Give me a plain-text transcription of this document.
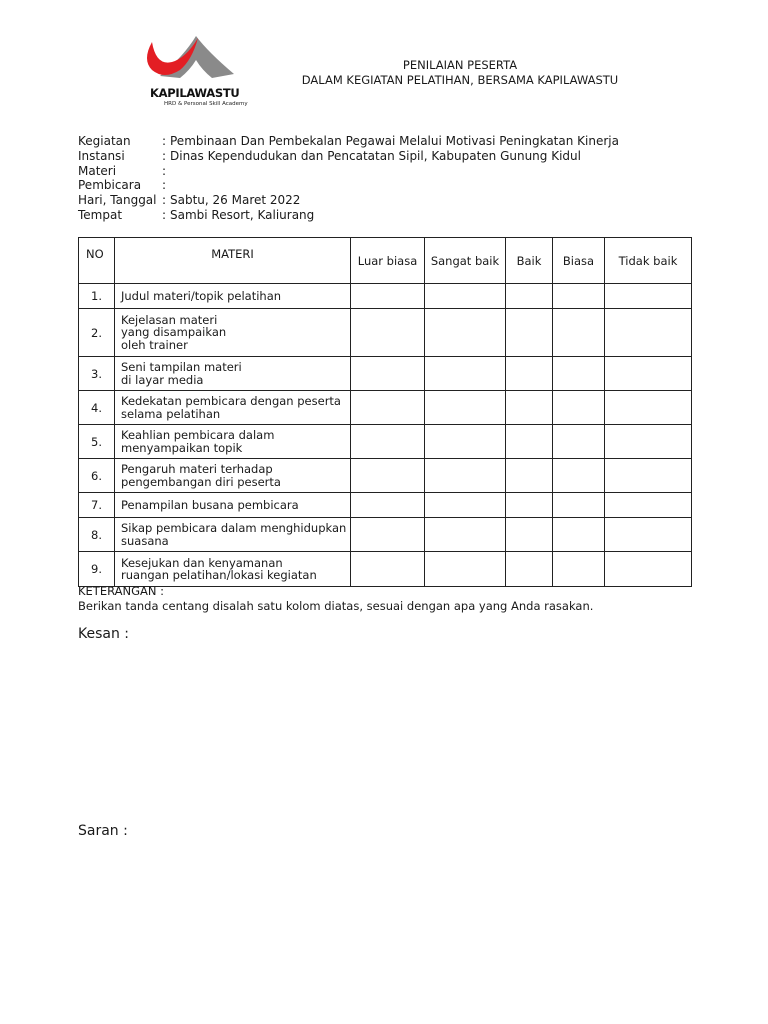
KAPILAWASTU
HRD & Personal Skill Academy
PENILAIAN PESERTA
DALAM KEGIATAN PELATIHAN, BERSAMA KAPILAWASTU
Kegiatan	: Pembinaan Dan Pembekalan Pegawai Melalui Motivasi Peningkatan Kinerja
Instansi	: Dinas Kependudukan dan Pencatatan Sipil, Kabupaten Gunung Kidul
Materi	:
Pembicara	:
Hari, Tanggal : Sabtu, 26 Maret 2022
Tempat	: Sambi Resort, Kaliurang
NO	MATERI	Luar biasa	Sangat baik	Baik	Biasa	Tidak baik
1.	Judul materi/topik pelatihan					

2.	Kejelasan materi
yang disampaikan
oleh trainer					

3.	Seni tampilan materi
di layar media					

4.	Kedekatan pembicara dengan peserta
selama pelatihan					

5.	Keahlian pembicara dalam
menyampaikan topik					

6.	Pengaruh materi terhadap
pengembangan diri peserta					

7.	Penampilan busana pembicara					

8.	Sikap pembicara dalam menghidupkan
suasana					

9.	Kesejukan dan kenyamanan
ruangan pelatihan/lokasi kegiatan					

KETERANGAN :
Berikan tanda centang disalah satu kolom diatas, sesuai dengan apa yang Anda rasakan.
Kesan :
Saran :
